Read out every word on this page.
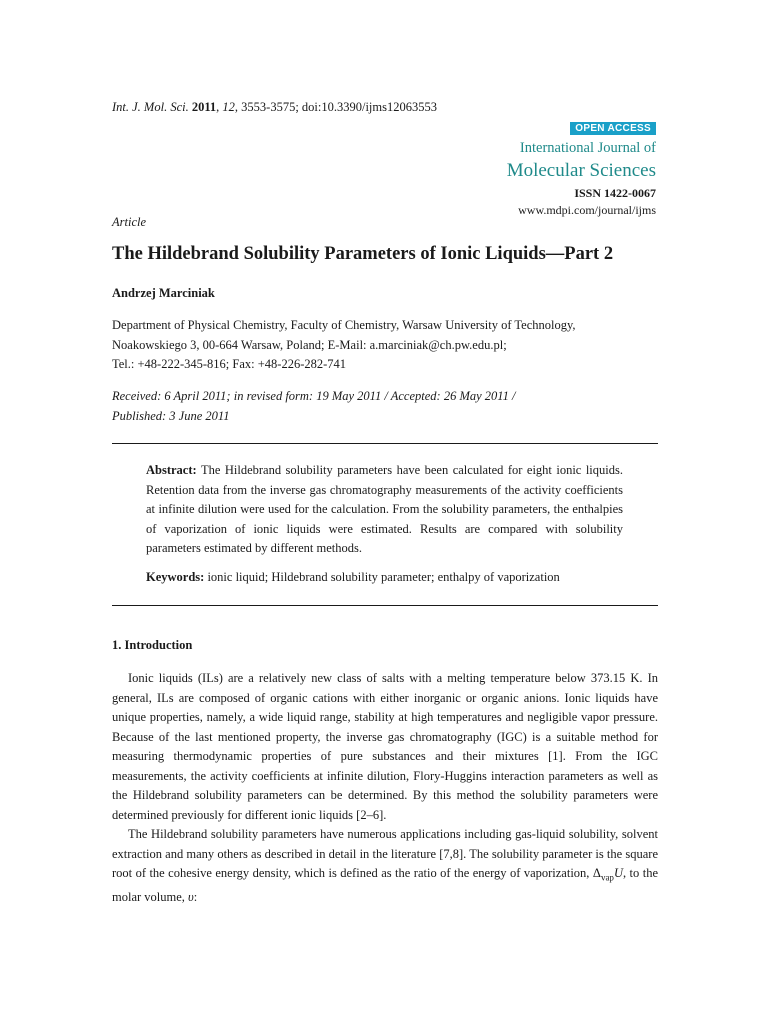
Int. J. Mol. Sci. 2011, 12, 3553-3575; doi:10.3390/ijms12063553
OPEN ACCESS
International Journal of
Molecular Sciences
ISSN 1422-0067
www.mdpi.com/journal/ijms
Article
The Hildebrand Solubility Parameters of Ionic Liquids—Part 2
Andrzej Marciniak
Department of Physical Chemistry, Faculty of Chemistry, Warsaw University of Technology,
Noakowskiego 3, 00-664 Warsaw, Poland; E-Mail: a.marciniak@ch.pw.edu.pl;
Tel.: +48-222-345-816; Fax: +48-226-282-741
Received: 6 April 2011; in revised form: 19 May 2011 / Accepted: 26 May 2011 /
Published: 3 June 2011
Abstract: The Hildebrand solubility parameters have been calculated for eight ionic liquids. Retention data from the inverse gas chromatography measurements of the activity coefficients at infinite dilution were used for the calculation. From the solubility parameters, the enthalpies of vaporization of ionic liquids were estimated. Results are compared with solubility parameters estimated by different methods.
Keywords: ionic liquid; Hildebrand solubility parameter; enthalpy of vaporization
1. Introduction
Ionic liquids (ILs) are a relatively new class of salts with a melting temperature below 373.15 K. In general, ILs are composed of organic cations with either inorganic or organic anions. Ionic liquids have unique properties, namely, a wide liquid range, stability at high temperatures and negligible vapor pressure. Because of the last mentioned property, the inverse gas chromatography (IGC) is a suitable method for measuring thermodynamic properties of pure substances and their mixtures [1]. From the IGC measurements, the activity coefficients at infinite dilution, Flory-Huggins interaction parameters as well as the Hildebrand solubility parameters can be determined. By this method the solubility parameters were determined previously for different ionic liquids [2–6].
The Hildebrand solubility parameters have numerous applications including gas-liquid solubility, solvent extraction and many others as described in detail in the literature [7,8]. The solubility parameter is the square root of the cohesive energy density, which is defined as the ratio of the energy of vaporization, $\Delta_{vap}U$, to the molar volume, υ:
